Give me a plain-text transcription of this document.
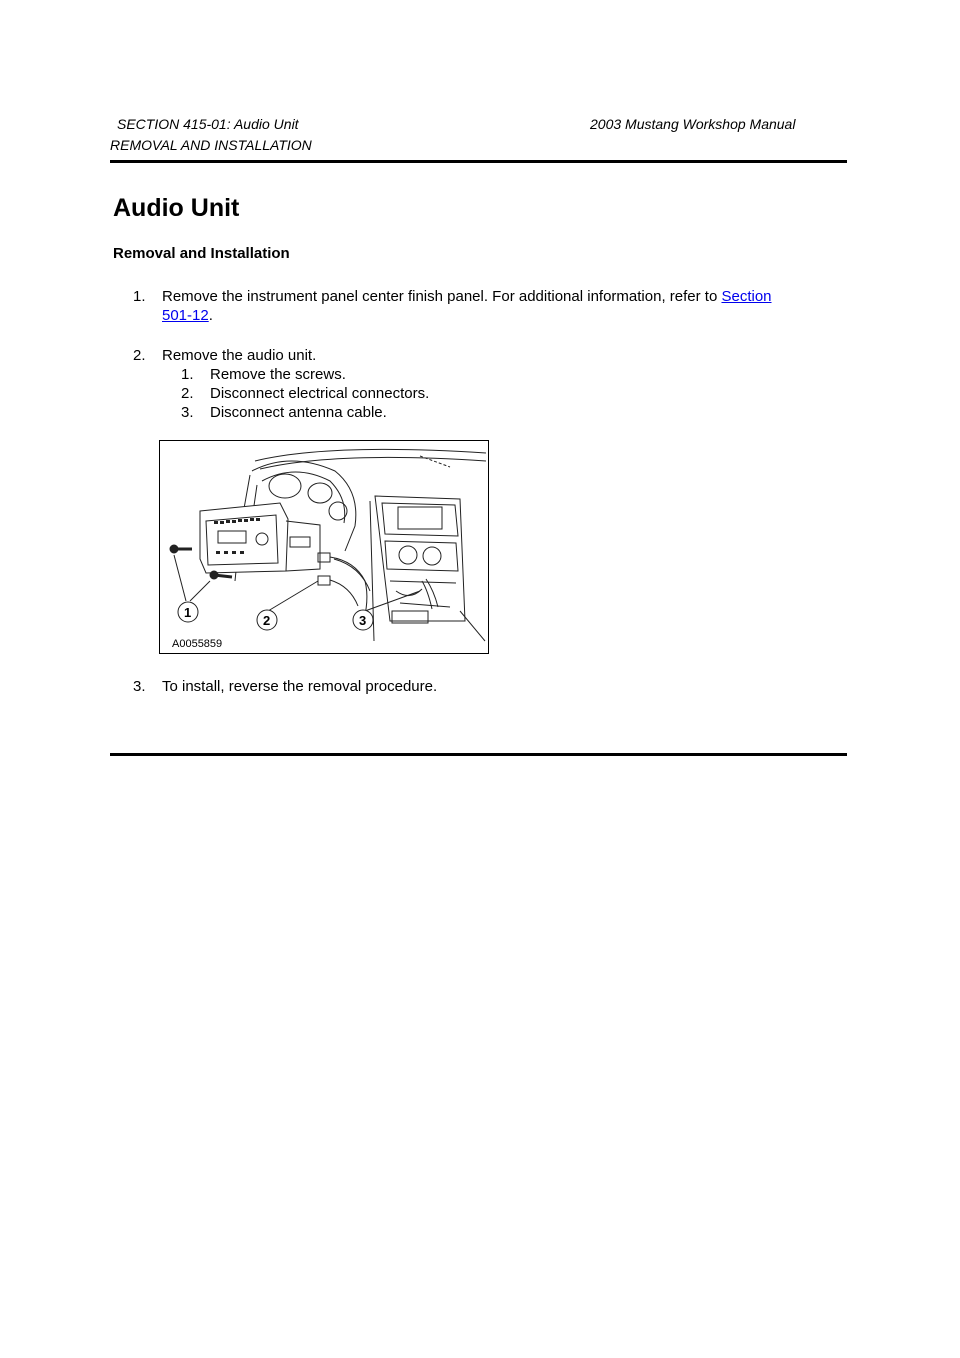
SECTION 415-01: Audio Unit	2003 Mustang Workshop Manual
REMOVAL AND INSTALLATION
Audio Unit
Removal and Installation
1. Remove the instrument panel center finish panel. For additional information, refer to Section
501-12.
2. Remove the audio unit.
1. Remove the screws.
2. Disconnect electrical connectors.
3. Disconnect antenna cable.
1
2	3
A0055859
3. To install, reverse the removal procedure.
